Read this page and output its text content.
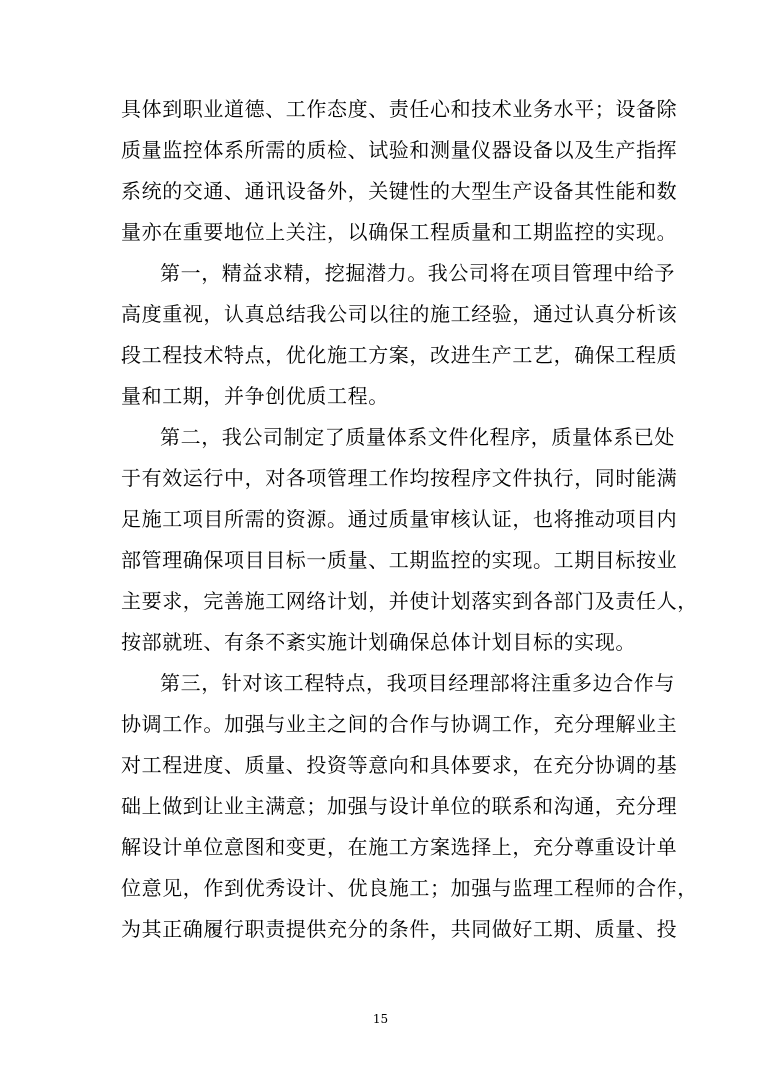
具体到职业道德、工作态度、责任心和技术业务水平；设备除
质量监控体系所需的质检、试验和测量仪器设备以及生产指挥
系统的交通、通讯设备外，关键性的大型生产设备其性能和数
量亦在重要地位上关注，以确保工程质量和工期监控的实现。
第一，精益求精，挖掘潜力。我公司将在项目管理中给予
高度重视，认真总结我公司以往的施工经验，通过认真分析该
段工程技术特点，优化施工方案，改进生产工艺，确保工程质
量和工期，并争创优质工程。
第二，我公司制定了质量体系文件化程序，质量体系已处
于有效运行中，对各项管理工作均按程序文件执行，同时能满
足施工项目所需的资源。通过质量审核认证，也将推动项目内
部管理确保项目目标一质量、工期监控的实现。工期目标按业
主要求，完善施工网络计划，并使计划落实到各部门及责任人，
按部就班、有条不紊实施计划确保总体计划目标的实现。
第三，针对该工程特点，我项目经理部将注重多边合作与
协调工作。加强与业主之间的合作与协调工作，充分理解业主
对工程进度、质量、投资等意向和具体要求，在充分协调的基
础上做到让业主满意；加强与设计单位的联系和沟通，充分理
解设计单位意图和变更，在施工方案选择上，充分尊重设计单
位意见，作到优秀设计、优良施工；加强与监理工程师的合作，
为其正确履行职责提供充分的条件，共同做好工期、质量、投
15
